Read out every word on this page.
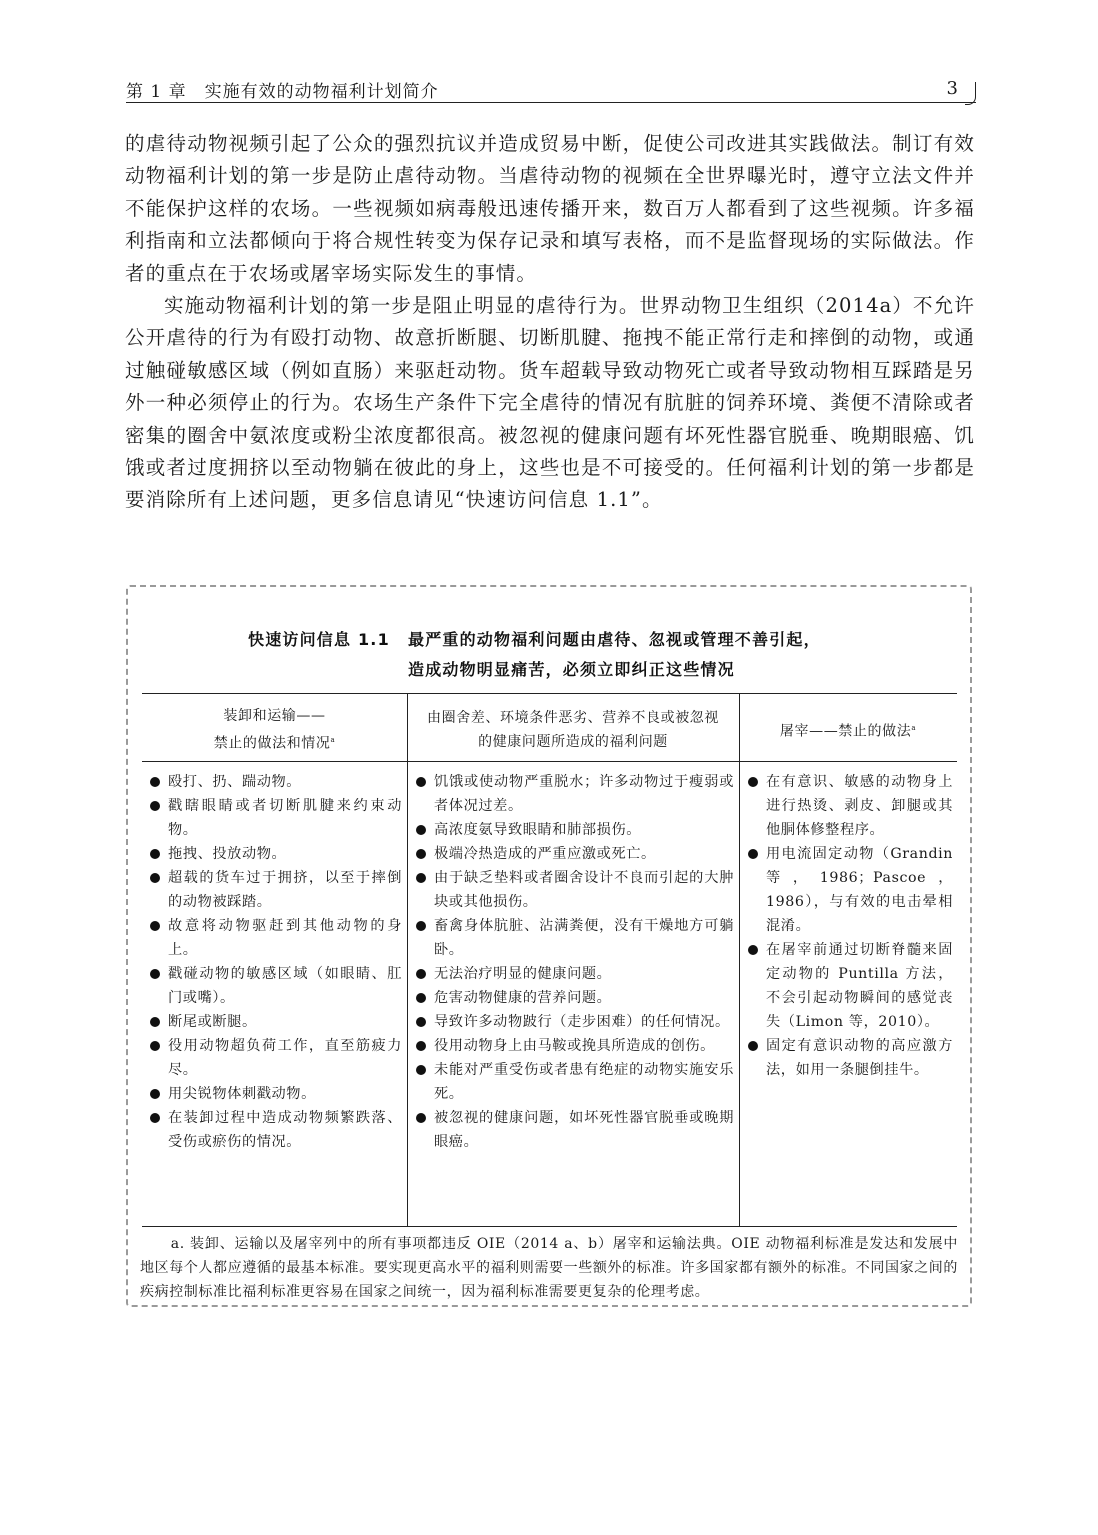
第 1 章　实施有效的动物福利计划简介	3

的虐待动物视频引起了公众的强烈抗议并造成贸易中断，促使公司改进其实践做法。制订有效动物福利计划的第一步是防止虐待动物。当虐待动物的视频在全世界曝光时，遵守立法文件并不能保护这样的农场。一些视频如病毒般迅速传播开来，数百万人都看到了这些视频。许多福利指南和立法都倾向于将合规性转变为保存记录和填写表格，而不是监督现场的实际做法。作者的重点在于农场或屠宰场实际发生的事情。

实施动物福利计划的第一步是阻止明显的虐待行为。世界动物卫生组织（2014a）不允许公开虐待的行为有殴打动物、故意折断腿、切断肌腱、拖拽不能正常行走和摔倒的动物，或通过触碰敏感区域（例如直肠）来驱赶动物。货车超载导致动物死亡或者导致动物相互踩踏是另外一种必须停止的行为。农场生产条件下完全虐待的情况有肮脏的饲养环境、粪便不清除或者密集的圈舍中氨浓度或粉尘浓度都很高。被忽视的健康问题有坏死性器官脱垂、晚期眼癌、饥饿或者过度拥挤以至动物躺在彼此的身上，这些也是不可接受的。任何福利计划的第一步都是要消除所有上述问题，更多信息请见“快速访问信息 1.1”。

快速访问信息 1.1 最严重的动物福利问题由虐待、忽视或管理不善引起，
造成动物明显痛苦，必须立即纠正这些情况
装卸和运输——
禁止的做法和情况$^a$
由圈舍差、环境条件恶劣、营养不良或被忽视
的健康问题所造成的福利问题
屠宰——禁止的做法$^a$
殴打、扔、踹动物。
戳瞎眼睛或者切断肌腱来约束动物。
拖拽、投放动物。
超载的货车过于拥挤，以至于摔倒的动物被踩踏。
故意将动物驱赶到其他动物的身上。
戳碰动物的敏感区域（如眼睛、肛门或嘴）。
断尾或断腿。
役用动物超负荷工作，直至筋疲力尽。
用尖锐物体刺戳动物。
在装卸过程中造成动物频繁跌落、受伤或瘀伤的情况。
饥饿或使动物严重脱水；许多动物过于瘦弱或者体况过差。
高浓度氨导致眼睛和肺部损伤。
极端冷热造成的严重应激或死亡。
由于缺乏垫料或者圈舍设计不良而引起的大肿块或其他损伤。
畜禽身体肮脏、沾满粪便，没有干燥地方可躺卧。
无法治疗明显的健康问题。
危害动物健康的营养问题。
导致许多动物跛行（走步困难）的任何情况。
役用动物身上由马鞍或挽具所造成的创伤。
未能对严重受伤或者患有绝症的动物实施安乐死。
被忽视的健康问题，如坏死性器官脱垂或晚期眼癌。
在有意识、敏感的动物身上进行热烫、剥皮、卸腿或其他胴体修整程序。
用电流固定动物（Grandin 等，1986；Pascoe，1986），与有效的电击晕相混淆。
在屠宰前通过切断脊髓来固定动物的 Puntilla 方法，不会引起动物瞬间的感觉丧失（Limon 等，2010）。
固定有意识动物的高应激方法，如用一条腿倒挂牛。
a. 装卸、运输以及屠宰列中的所有事项都违反 OIE（2014 a、b）屠宰和运输法典。OIE 动物福利标准是发达和发展中地区每个人都应遵循的最基本标准。要实现更高水平的福利则需要一些额外的标准。许多国家都有额外的标准。不同国家之间的疾病控制标准比福利标准更容易在国家之间统一，因为福利标准需要更复杂的伦理考虑。
